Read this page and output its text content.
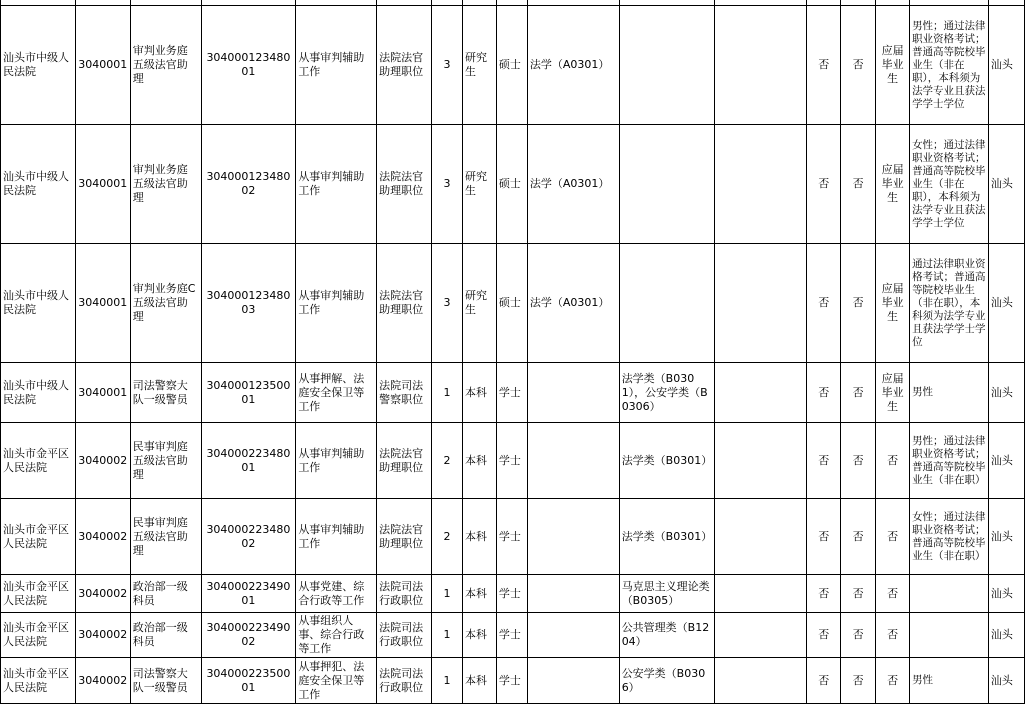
汕头市中级人民法院	3040001	审判业务庭五级法官助理	30400012348001	从事审判辅助工作	法院法官助理职位	3	研究生	硕士	法学（A0301）			否	否	应届毕业生	男性；通过法律职业资格考试；普通高等院校毕业生（非在职），本科须为法学专业且获法学学士学位	汕头
汕头市中级人民法院	3040001	审判业务庭五级法官助理	30400012348002	从事审判辅助工作	法院法官助理职位	3	研究生	硕士	法学（A0301）			否	否	应届毕业生	女性；通过法律职业资格考试；普通高等院校毕业生（非在职），本科须为法学专业且获法学学士学位	汕头
汕头市中级人民法院	3040001	审判业务庭C五级法官助理	30400012348003	从事审判辅助工作	法院法官助理职位	3	研究生	硕士	法学（A0301）			否	否	应届毕业生	通过法律职业资格考试；普通高等院校毕业生（非在职），本科须为法学专业且获法学学士学位	汕头
汕头市中级人民法院	3040001	司法警察大队一级警员	30400012350001	从事押解、法庭安全保卫等工作	法院司法警察职位	1	本科	学士		法学类（B0301），公安学类（B0306）		否	否	应届毕业生	男性	汕头
汕头市金平区人民法院	3040002	民事审判庭五级法官助理	30400022348001	从事审判辅助工作	法院法官助理职位	2	本科	学士		法学类（B0301）		否	否	否	男性；通过法律职业资格考试；普通高等院校毕业生（非在职）	汕头
汕头市金平区人民法院	3040002	民事审判庭五级法官助理	30400022348002	从事审判辅助工作	法院法官助理职位	2	本科	学士		法学类（B0301）		否	否	否	女性；通过法律职业资格考试；普通高等院校毕业生（非在职）	汕头
汕头市金平区人民法院	3040002	政治部一级科员	30400022349001	从事党建、综合行政等工作	法院司法行政职位	1	本科	学士		马克思主义理论类（B0305）		否	否	否		汕头
汕头市金平区人民法院	3040002	政治部一级科员	30400022349002	从事组织人事、综合行政等工作	法院司法行政职位	1	本科	学士		公共管理类（B1204）		否	否	否		汕头
汕头市金平区人民法院	3040002	司法警察大队一级警员	30400022350001	从事押犯、法庭安全保卫等工作	法院司法行政职位	1	本科	学士		公安学类（B0306）		否	否	否	男性	汕头
